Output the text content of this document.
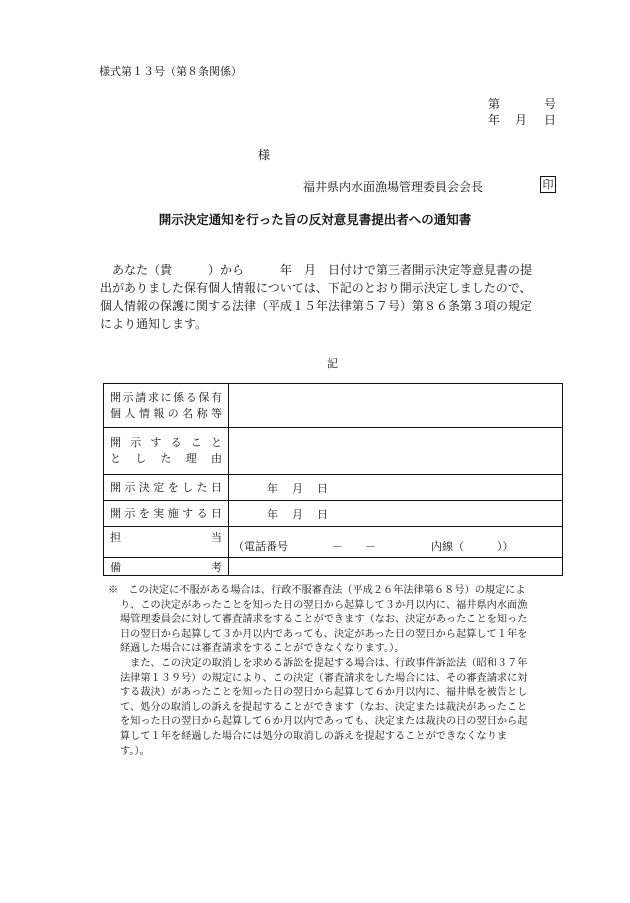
様式第１３号（第８条関係）
第	号
年 月 日
様
福井県内水面漁場管理委員会会長	印
開示決定通知を行った旨の反対意見書提出者への通知書
　あなた（貴　　　）から　　　年　月　日付けで第三者開示決定等意見書の提
出がありました保有個人情報については、下記のとおり開示決定しましたので、
個人情報の保護に関する法律（平成１５年法律第５７号）第８６条第３項の規定
により通知します。
記
開示請求に係る保有
個人情報の名称等	

開示すること
とした理由	

開示決定をした日	年 月 日

開示を実施する日	年 月 日

担 当	（電話番号　　　　－　　－　　　　　内線（　　　））

備 考	

※　この決定に不服がある場合は、行政不服審査法（平成２６年法律第６８号）の規定によ
り、この決定があったことを知った日の翌日から起算して３か月以内に、福井県内水面漁
場管理委員会に対して審査請求をすることができます（なお、決定があったことを知った
日の翌日から起算して３か月以内であっても、決定があった日の翌日から起算して１年を
経過した場合には審査請求をすることができなくなります。）。
　また、この決定の取消しを求める訴訟を提起する場合は、行政事件訴訟法（昭和３７年
法律第１３９号）の規定により、この決定（審査請求をした場合には、その審査請求に対
する裁決）があったことを知った日の翌日から起算して６か月以内に、福井県を被告とし
て、処分の取消しの訴えを提起することができます（なお、決定または裁決があったこと
を知った日の翌日から起算して６か月以内であっても、決定または裁決の日の翌日から起
算して１年を経過した場合には処分の取消しの訴えを提起することができなくなりま
す。）。
